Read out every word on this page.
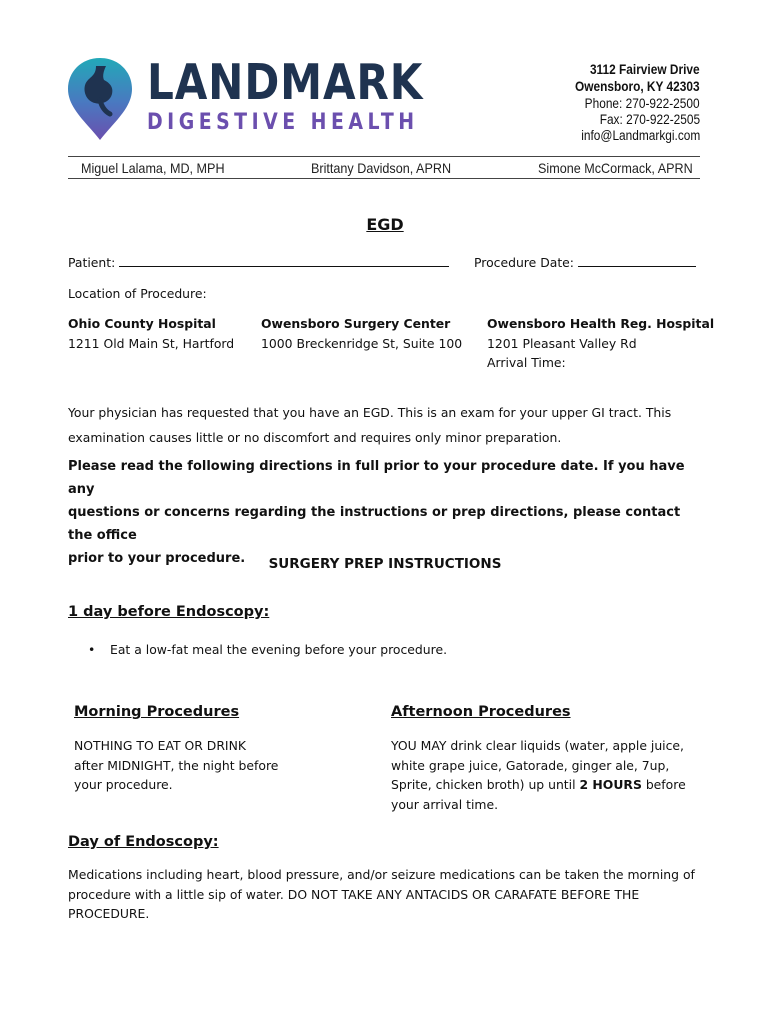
LANDMARK
DIGESTIVE HEALTH
3112 Fairview Drive
Owensboro, KY 42303
Phone: 270-922-2500
Fax: 270-922-2505
info@Landmarkgi.com
Miguel Lalama, MD, MPH	Brittany Davidson, APRN	Simone McCormack, APRN
EGD
Patient:	Procedure Date:
Location of Procedure:
Ohio County Hospital
1211 Old Main St, Hartford
Owensboro Surgery Center
1000 Breckenridge St, Suite 100
Owensboro Health Reg. Hospital
1201 Pleasant Valley Rd
Arrival Time:
Your physician has requested that you have an EGD. This is an exam for your upper GI tract. This
examination causes little or no discomfort and requires only minor preparation.
Please read the following directions in full prior to your procedure date. If you have any
questions or concerns regarding the instructions or prep directions, please contact the office
prior to your procedure.	SURGERY PREP INSTRUCTIONS
1 day before Endoscopy:
• Eat a low-fat meal the evening before your procedure.
Morning Procedures
NOTHING TO EAT OR DRINK
after MIDNIGHT, the night before
your procedure.
Afternoon Procedures
YOU MAY drink clear liquids (water, apple juice,
white grape juice, Gatorade, ginger ale, 7up,
Sprite, chicken broth) up until 2 HOURS before
your arrival time.
Day of Endoscopy:
Medications including heart, blood pressure, and/or seizure medications can be taken the morning of
procedure with a little sip of water. DO NOT TAKE ANY ANTACIDS OR CARAFATE BEFORE THE
PROCEDURE.
